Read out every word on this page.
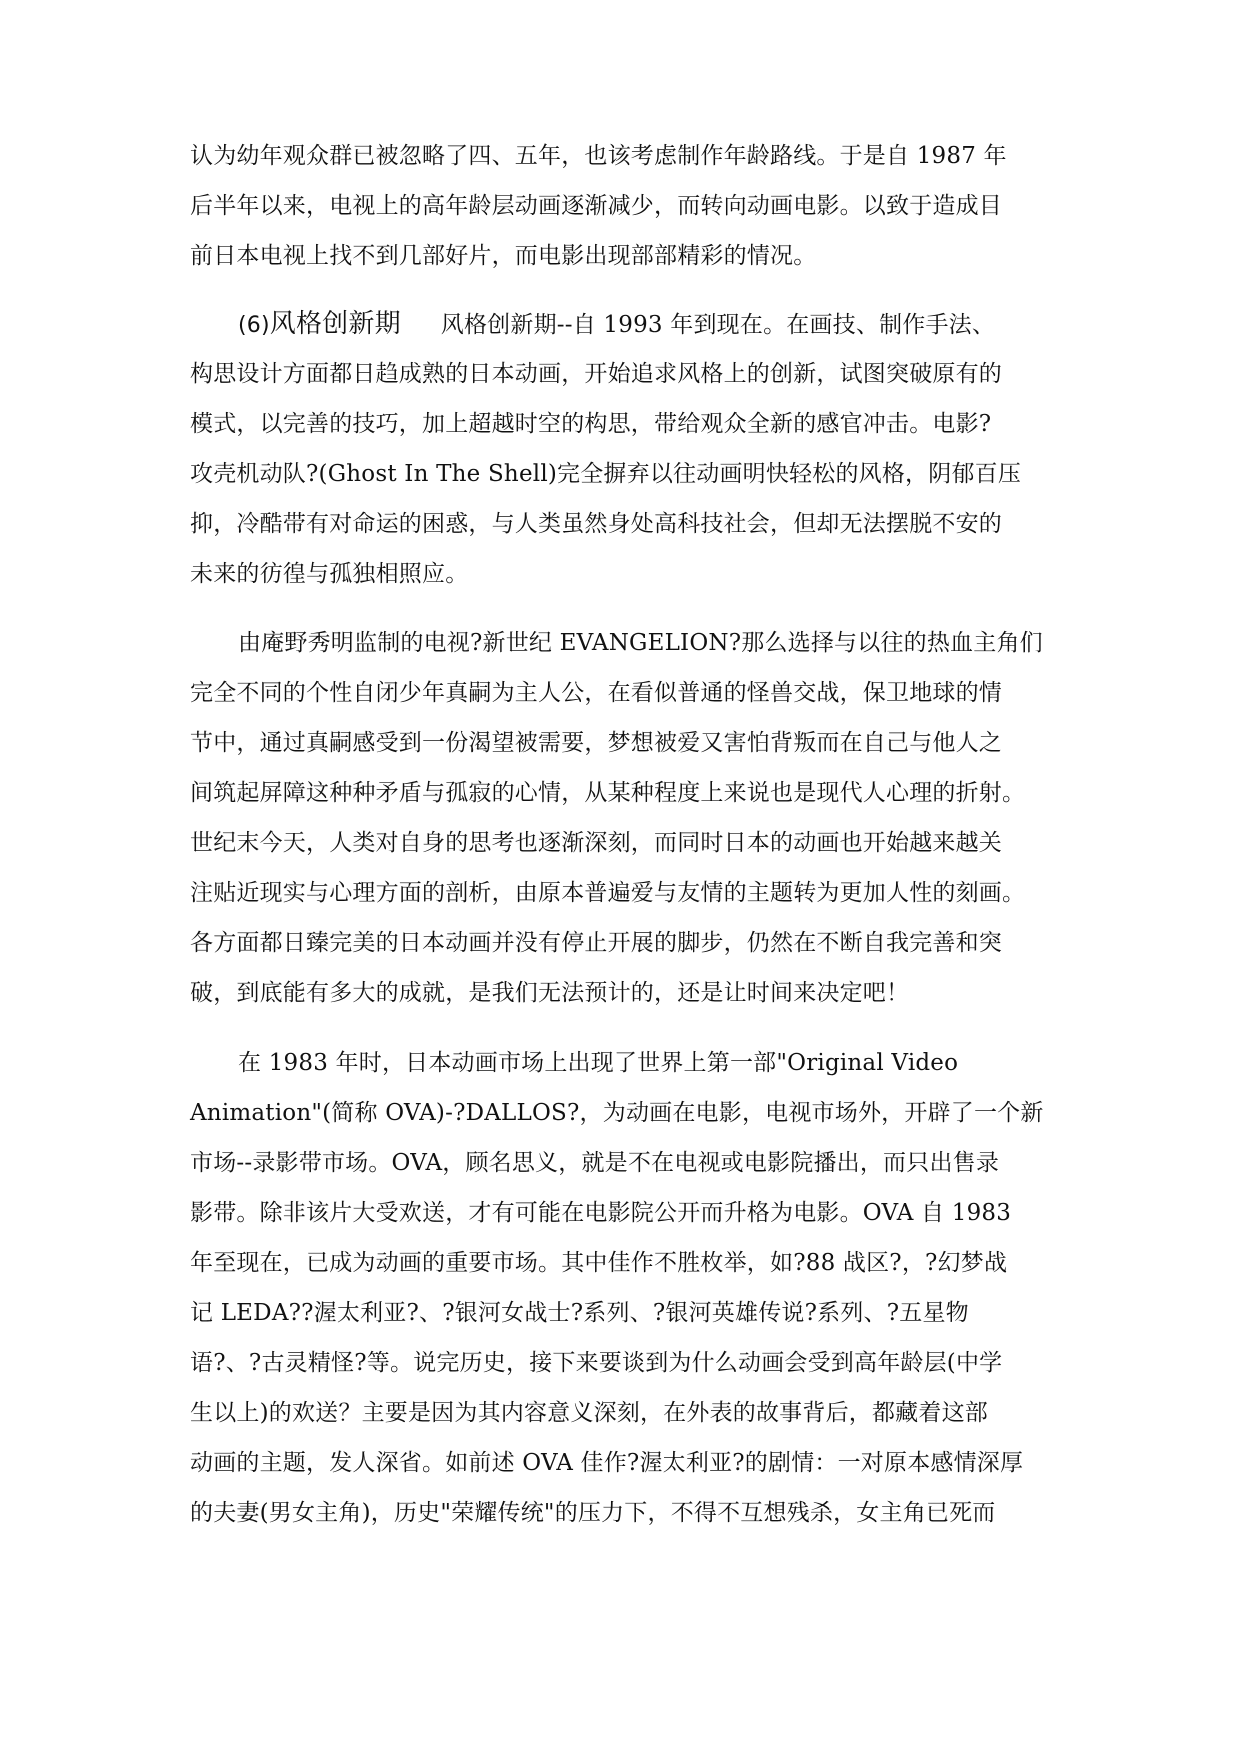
认为幼年观众群已被忽略了四、五年，也该考虑制作年龄路线。于是自 1987 年
后半年以来，电视上的高年龄层动画逐渐减少，而转向动画电影。以致于造成目
前日本电视上找不到几部好片，而电影出现部部精彩的情况。
(6)风格创新期 风格创新期--自 1993 年到现在。在画技、制作手法、
构思设计方面都日趋成熟的日本动画，开始追求风格上的创新，试图突破原有的
模式，以完善的技巧，加上超越时空的构思，带给观众全新的感官冲击。电影?
攻壳机动队?(Ghost In The Shell)完全摒弃以往动画明快轻松的风格，阴郁百压
抑，冷酷带有对命运的困惑，与人类虽然身处高科技社会，但却无法摆脱不安的
未来的彷徨与孤独相照应。
由庵野秀明监制的电视?新世纪 EVANGELION?那么选择与以往的热血主角们
完全不同的个性自闭少年真嗣为主人公，在看似普通的怪兽交战，保卫地球的情
节中，通过真嗣感受到一份渴望被需要，梦想被爱又害怕背叛而在自己与他人之
间筑起屏障这种种矛盾与孤寂的心情，从某种程度上来说也是现代人心理的折射。
世纪末今天，人类对自身的思考也逐渐深刻，而同时日本的动画也开始越来越关
注贴近现实与心理方面的剖析，由原本普遍爱与友情的主题转为更加人性的刻画。
各方面都日臻完美的日本动画并没有停止开展的脚步，仍然在不断自我完善和突
破，到底能有多大的成就，是我们无法预计的，还是让时间来决定吧！
在 1983 年时，日本动画市场上出现了世界上第一部"Original Video
Animation"(简称 OVA)-?DALLOS?，为动画在电影，电视市场外，开辟了一个新
市场--录影带市场。OVA，顾名思义，就是不在电视或电影院播出，而只出售录
影带。除非该片大受欢送，才有可能在电影院公开而升格为电影。OVA 自 1983
年至现在，已成为动画的重要市场。其中佳作不胜枚举，如?88 战区?，?幻梦战
记 LEDA??渥太利亚?、?银河女战士?系列、?银河英雄传说?系列、?五星物
语?、?古灵精怪?等。说完历史，接下来要谈到为什么动画会受到高年龄层(中学
生以上)的欢送？主要是因为其内容意义深刻，在外表的故事背后，都藏着这部
动画的主题，发人深省。如前述 OVA 佳作?渥太利亚?的剧情：一对原本感情深厚
的夫妻(男女主角)，历史"荣耀传统"的压力下，不得不互想残杀，女主角已死而
